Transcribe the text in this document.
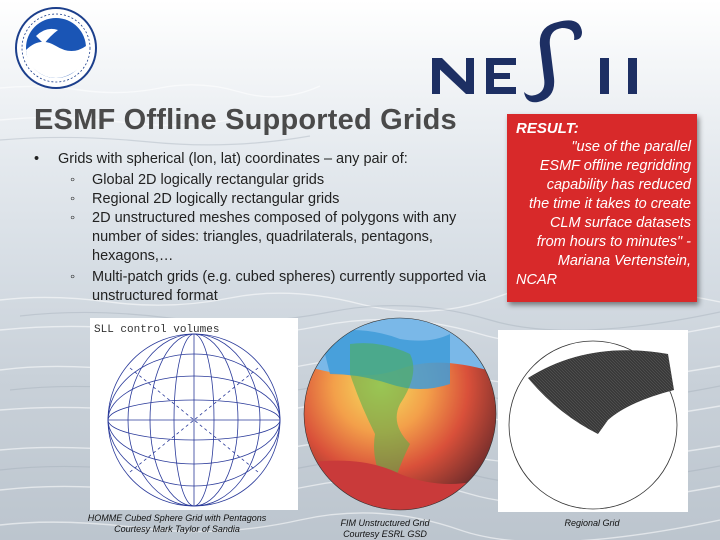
NESII
ESMF Offline Supported Grids
• Grids with spherical (lon, lat) coordinates – any pair of:
◦ Global 2D logically rectangular grids
◦ Regional 2D logically rectangular grids
◦ 2D unstructured meshes composed of polygons with any number of sides: triangles, quadrilaterals, pentagons, hexagons,…
◦ Multi-patch grids (e.g. cubed spheres) currently supported via unstructured format
RESULT:
"use of the parallel
ESMF offline regridding
capability has reduced
the time it takes to create
CLM surface datasets
from hours to minutes" -
Mariana Vertenstein,
NCAR
SLL control volumes
HOMME Cubed Sphere Grid with Pentagons
Courtesy Mark Taylor of Sandia
FIM Unstructured Grid
Courtesy ESRL GSD
Regional Grid
